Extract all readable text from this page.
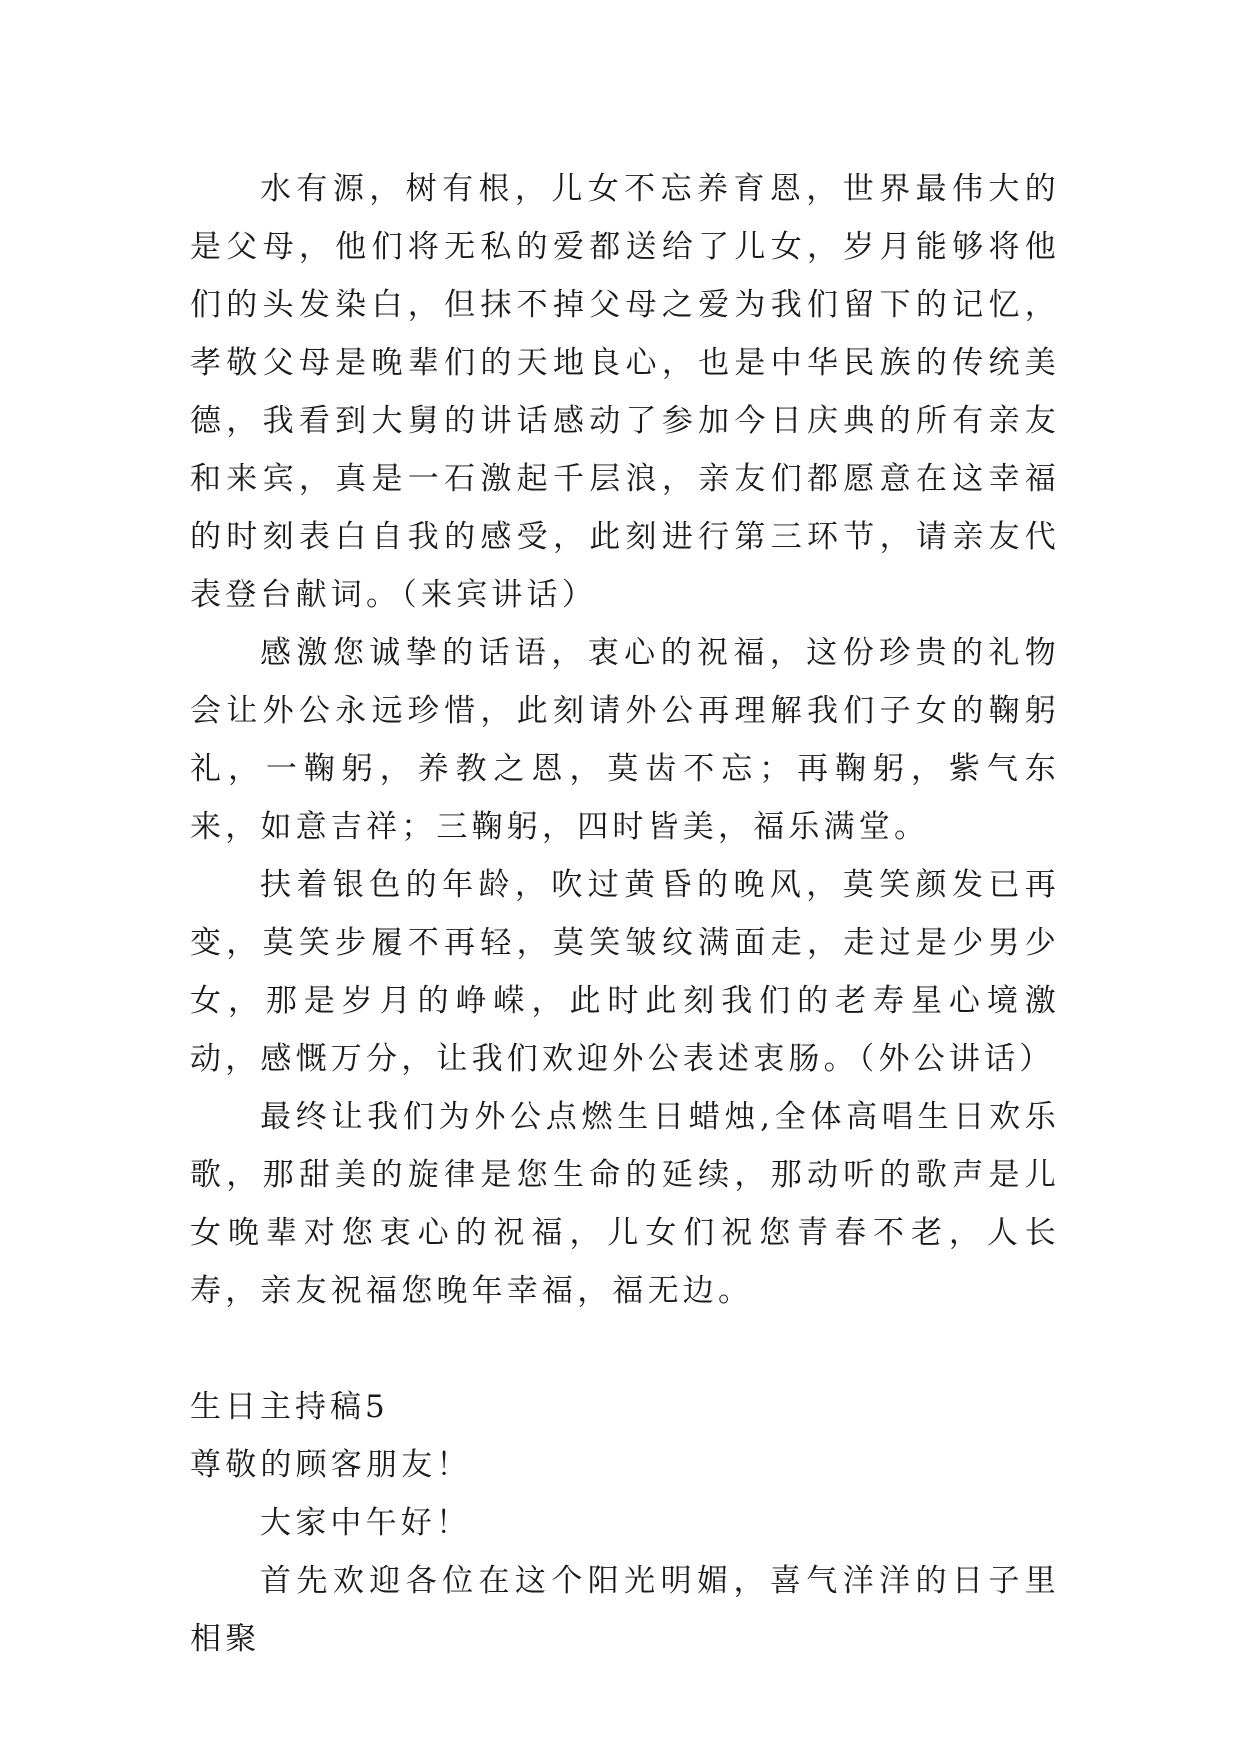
水有源，树有根，儿女不忘养育恩，世界最伟大的是父母，他们将无私的爱都送给了儿女，岁月能够将他们的头发染白，但抹不掉父母之爱为我们留下的记忆，孝敬父母是晚辈们的天地良心，也是中华民族的传统美德，我看到大舅的讲话感动了参加今日庆典的所有亲友和来宾，真是一石激起千层浪，亲友们都愿意在这幸福的时刻表白自我的感受，此刻进行第三环节，请亲友代表登台献词。（来宾讲话）

感激您诚挚的话语，衷心的祝福，这份珍贵的礼物会让外公永远珍惜，此刻请外公再理解我们子女的鞠躬礼，一鞠躬，养教之恩，莫齿不忘；再鞠躬，紫气东来，如意吉祥；三鞠躬，四时皆美，福乐满堂。

扶着银色的年龄，吹过黄昏的晚风，莫笑颜发已再变，莫笑步履不再轻，莫笑皱纹满面走，走过是少男少女，那是岁月的峥嵘，此时此刻我们的老寿星心境激动，感慨万分，让我们欢迎外公表述衷肠。（外公讲话）

最终让我们为外公点燃生日蜡烛,全体高唱生日欢乐歌，那甜美的旋律是您生命的延续，那动听的歌声是儿女晚辈对您衷心的祝福，儿女们祝您青春不老，人长寿，亲友祝福您晚年幸福，福无边。

生日主持稿5

尊敬的顾客朋友！

大家中午好！

首先欢迎各位在这个阳光明媚，喜气洋洋的日子里相聚
